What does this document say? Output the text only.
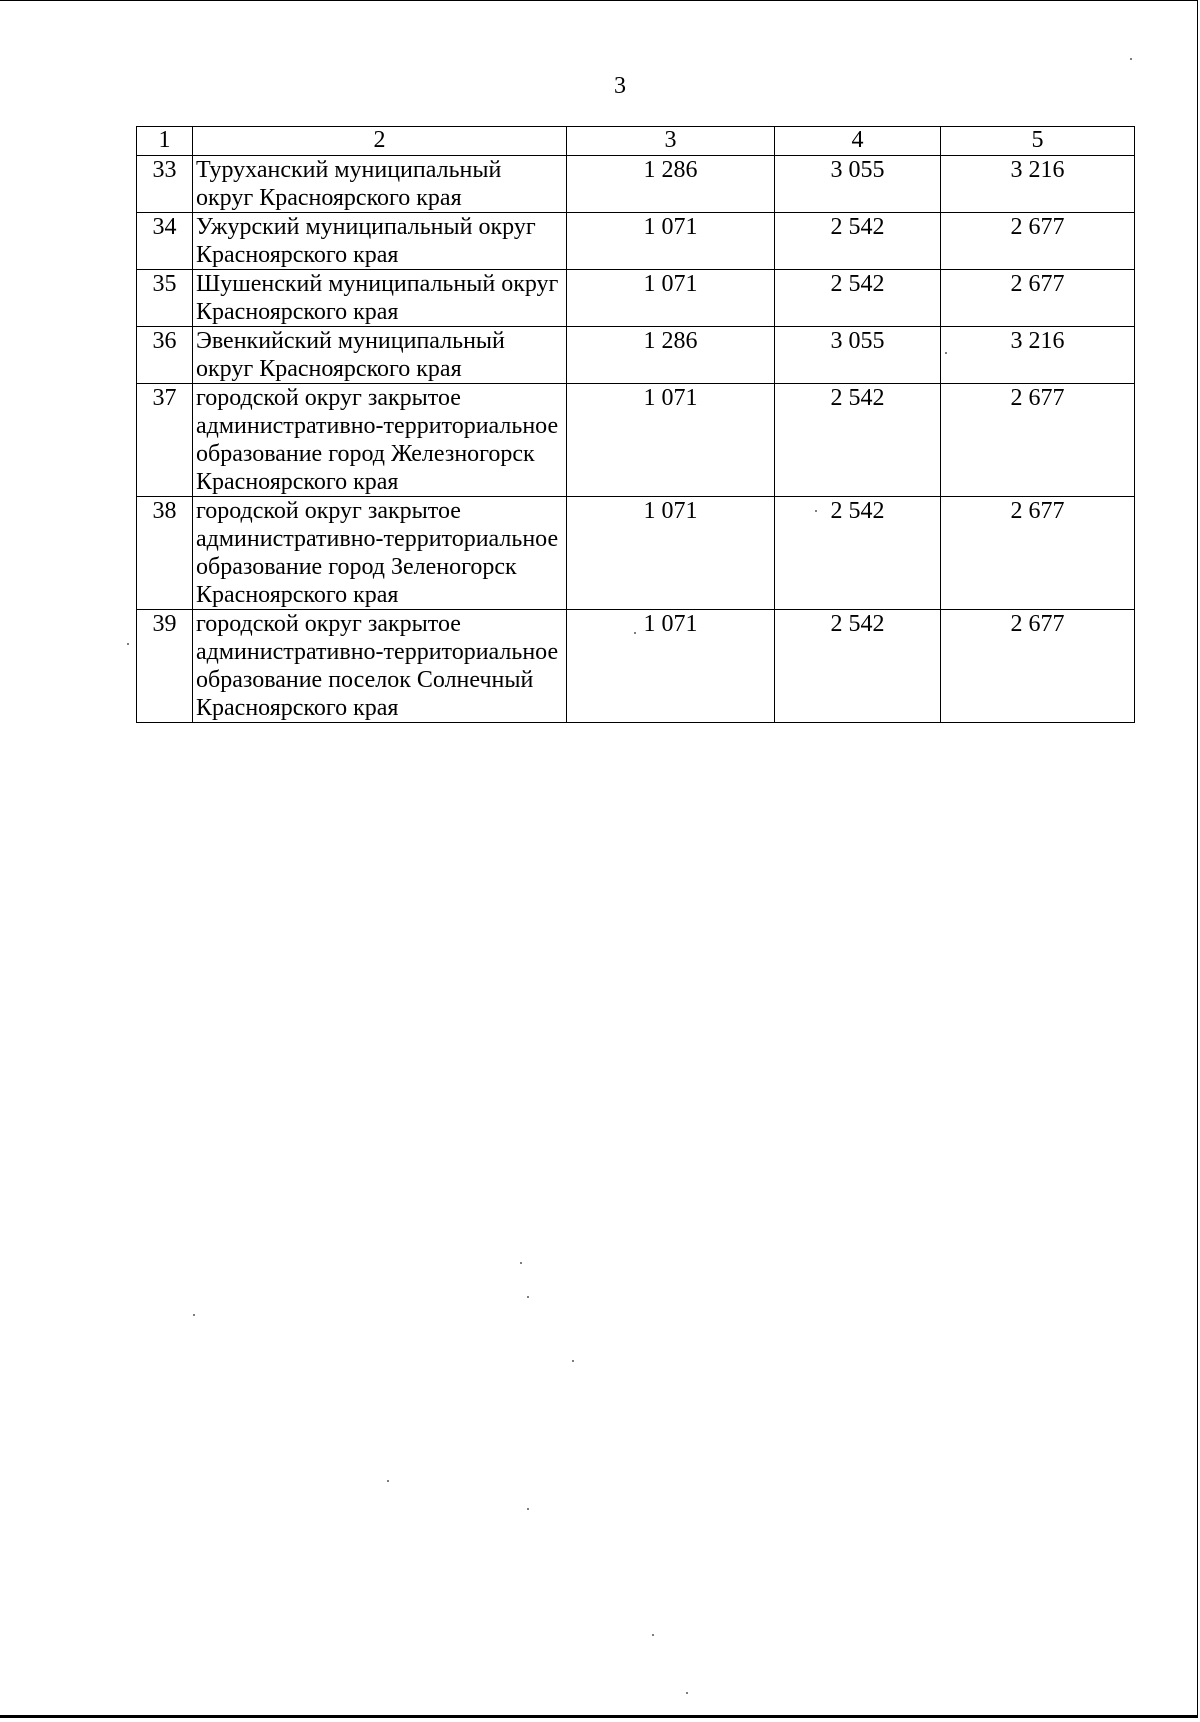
3
1	2	3	4	5
33	Туруханский муниципальный округ Красноярского края	1 286	3 055	3 216
34	Ужурский муниципальный округ Красноярского края	1 071	2 542	2 677
35	Шушенский муниципальный округ Красноярского края	1 071	2 542	2 677
36	Эвенкийский муниципальный округ Красноярского края	1 286	3 055	3 216
37	городской округ закрытое административно-территориальное образование город Железногорск Красноярского края	1 071	2 542	2 677
38	городской округ закрытое административно-территориальное образование город Зеленогорск Красноярского края	1 071	2 542	2 677
39	городской округ закрытое административно-территориальное образование поселок Солнечный Красноярского края	1 071	2 542	2 677
